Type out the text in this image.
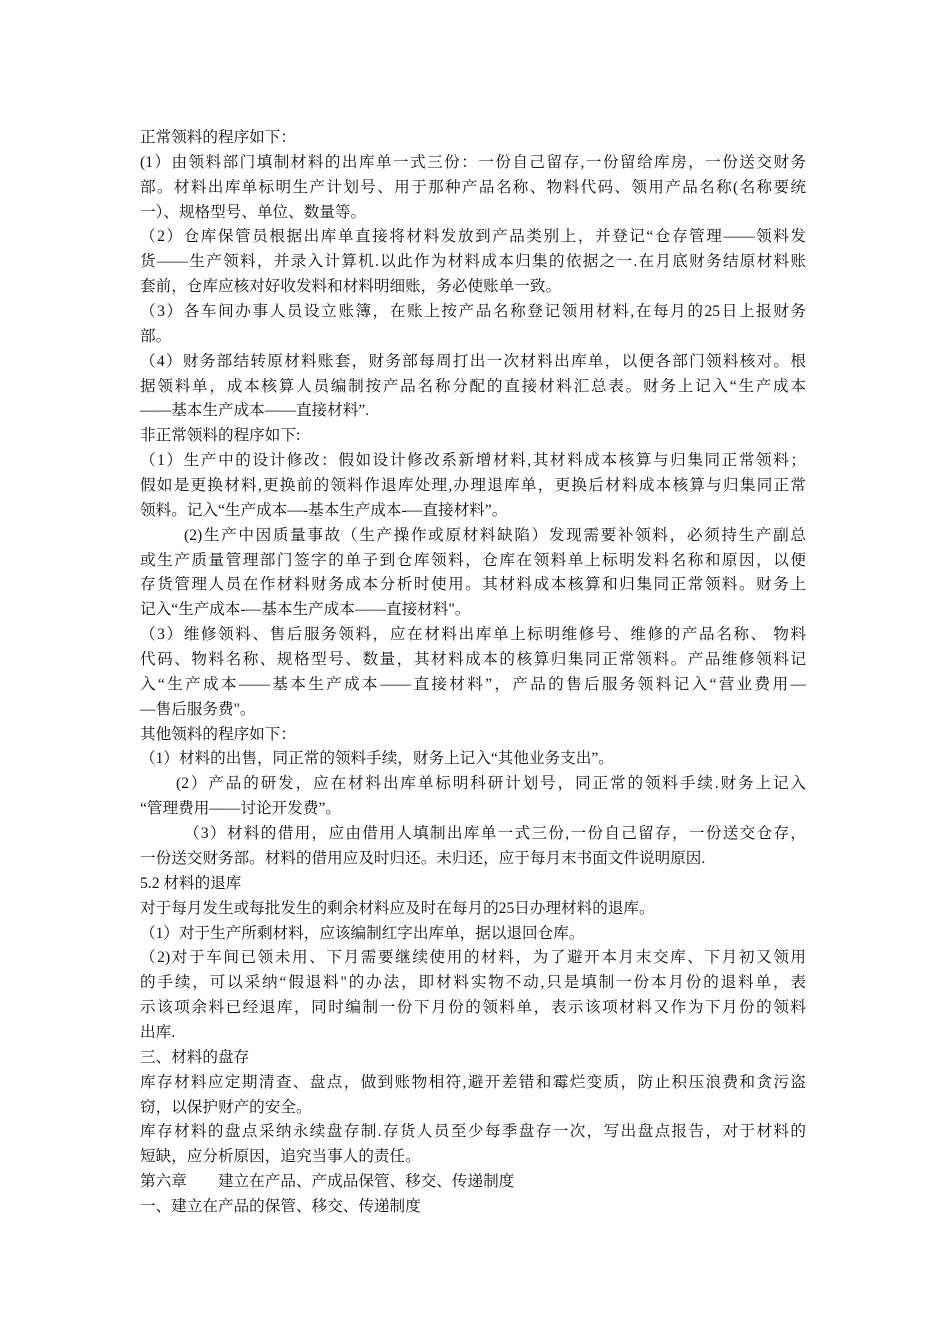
正常领料的程序如下：
(1）由领料部门填制材料的出库单一式三份：一份自己留存,一份留给库房，一份送交财务
部。材料出库单标明生产计划号、用于那种产品名称、物料代码、领用产品名称(名称要统
一）、规格型号、单位、数量等。
（2）仓库保管员根据出库单直接将材料发放到产品类别上，并登记“仓存管理——领料发
货——生产领料，并录入计算机.以此作为材料成本归集的依据之一.在月底财务结原材料账
套前，仓库应核对好收发料和材料明细账，务必使账单一致。
（3）各车间办事人员设立账簿，在账上按产品名称登记领用材料,在每月的25日上报财务
部。
（4）财务部结转原材料账套，财务部每周打出一次材料出库单，以便各部门领料核对。根
据领料单，成本核算人员编制按产品名称分配的直接材料汇总表。财务上记入“生产成本
——基本生产成本——直接材料”.
非正常领料的程序如下:
（1）生产中的设计修改：假如设计修改系新增材料,其材料成本核算与归集同正常领料；
假如是更换材料,更换前的领料作退库处理,办理退库单，更换后材料成本核算与归集同正常
领料。记入“生产成本—-基本生产成本-—直接材料”。
(2)生产中因质量事故（生产操作或原材料缺陷）发现需要补领料，必须持生产副总
或生产质量管理部门签字的单子到仓库领料，仓库在领料单上标明发料名称和原因，以便
存货管理人员在作材料财务成本分析时使用。其材料成本核算和归集同正常领料。财务上
记入“生产成本-—基本生产成本——直接材料"。
（3）维修领料、售后服务领料，应在材料出库单上标明维修号、维修的产品名称、 物料
代码、物料名称、规格型号、数量，其材料成本的核算归集同正常领料。产品维修领料记
入“生产成本——基本生产成本——直接材料”，产品的售后服务领料记入“营业费用—
—售后服务费"。
其他领料的程序如下：
（1）材料的出售，同正常的领料手续，财务上记入“其他业务支出”。
(2）产品的研发，应在材料出库单标明科研计划号，同正常的领料手续.财务上记入
“管理费用——讨论开发费”。
（3）材料的借用，应由借用人填制出库单一式三份,一份自己留存，一份送交仓存，
一份送交财务部。材料的借用应及时归还。未归还，应于每月末书面文件说明原因.
5.2 材料的退库
对于每月发生或每批发生的剩余材料应及时在每月的25日办理材料的退库。
（1）对于生产所剩材料，应该编制红字出库单，据以退回仓库。
（2)对于车间已领未用、下月需要继续使用的材料，为了避开本月末交库、下月初又领用
的手续，可以采纳“假退料"的办法，即材料实物不动,只是填制一份本月份的退料单，表
示该项余料已经退库，同时编制一份下月份的领料单，表示该项材料又作为下月份的领料
出库.
三、材料的盘存
库存材料应定期清查、盘点，做到账物相符,避开差错和霉烂变质，防止积压浪费和贪污盗
窃，以保护财产的安全。
库存材料的盘点采纳永续盘存制.存货人员至少每季盘存一次，写出盘点报告，对于材料的
短缺，应分析原因，追究当事人的责任。
第六章　　建立在产品、产成品保管、移交、传递制度
一、建立在产品的保管、移交、传递制度
